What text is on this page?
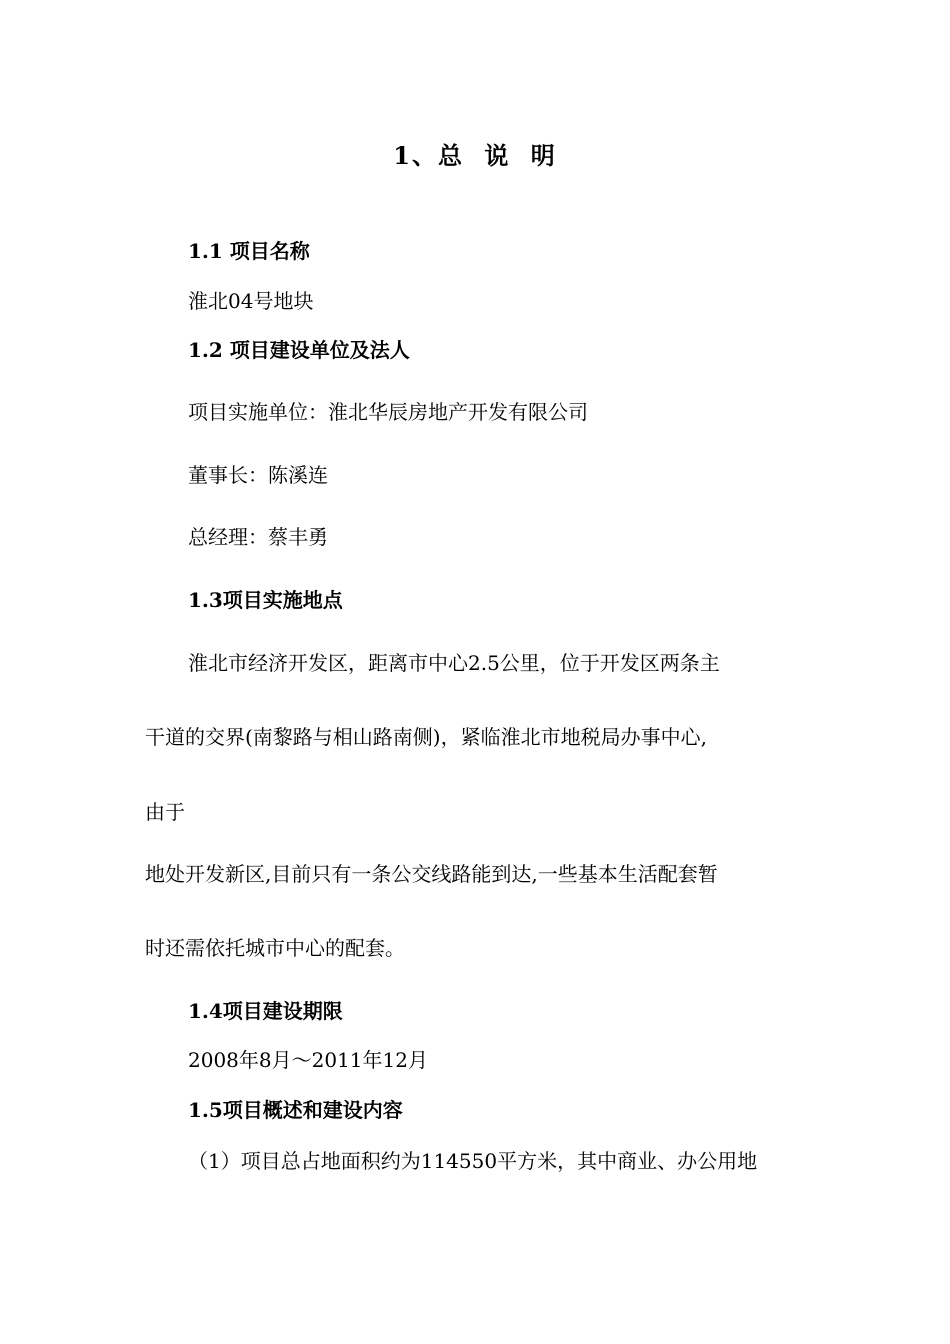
1、总 说 明
1.1 项目名称
淮北04号地块
1.2 项目建设单位及法人
项目实施单位：淮北华辰房地产开发有限公司
董事长：陈溪连
总经理：蔡丰勇
1.3项目实施地点
淮北市经济开发区，距离市中心2.5公里，位于开发区两条主
干道的交界(南黎路与相山路南侧)，紧临淮北市地税局办事中心,
由于
地处开发新区,目前只有一条公交线路能到达,一些基本生活配套暂
时还需依托城市中心的配套。
1.4项目建设期限
2008年8月～2011年12月
1.5项目概述和建设内容
（1）项目总占地面积约为114550平方米，其中商业、办公用地
